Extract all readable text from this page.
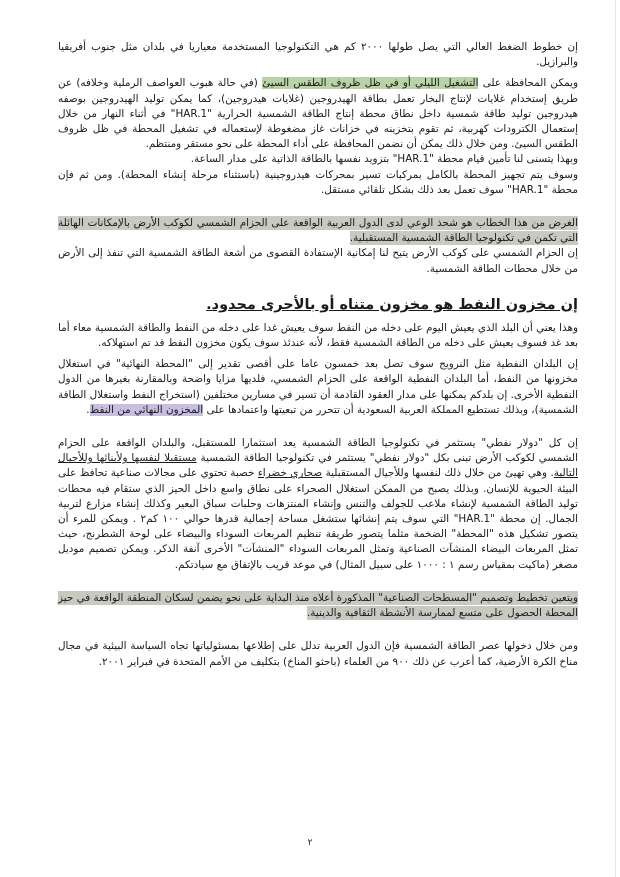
إن خطوط الضغط العالي التي يصل طولها ٢٠٠٠ كم هي التكنولوجيا المستخدمة معياريا في بلدان مثل جنوب أفريقيا والبرازيل.

ويمكن المحافظة على التشغيل الليلي أو في ظل ظروف الطقس السيئ (في حالة هبوب العواصف الرملية وخلافه) عن طريق إستخدام غلايات لإنتاج البخار تعمل بطاقة الهيدروجين (غلايات هيدروجين)، كما يمكن توليد الهيدروجين بوصفه هيدروجين توليد طاقة شمسية داخل نطاق محطة إنتاج الطاقة الشمسية الحرارية "HAR.1" في أثناء النهار من خلال إستعمال الكترودات كهربية، ثم تقوم بتخزينه في خزانات غاز مضغوطة لإستعماله في تشغيل المحطة في ظل ظروف الطقس السيئ. ومن خلال ذلك يمكن أن نضمن المحافظة على أداء المحطة على نحو مستقر ومنتظم.

وبهذا يتسنى لنا تأمين قيام محطة "HAR.1" بتزويد نفسها بالطاقة الذاتية على مدار الساعة.

وسوف يتم تجهيز المحطة بالكامل بمركبات تسير بمحركات هيدروجينية (باستثناء مرحلة إنشاء المحطة). ومن ثم فإن محطة "HAR.1" سوف تعمل بعد ذلك بشكل تلقائي مستقل.

الغرض من هذا الخطاب هو شحذ الوعي لدى الدول العربية الواقعة على الحزام الشمسي لكوكب الأرض بالإمكانات الهائلة التي تكمن في تكنولوجيا الطاقة الشمسية المستقبلية.

إن الحزام الشمسي على كوكب الأرض يتيح لنا إمكانية الإستفادة القصوى من أشعة الطاقة الشمسية التي تنفذ إلى الأرض من خلال محطات الطاقة الشمسية.

إن مخزون النفط هو مخزون متناه أو بالأحرى محدود.

وهذا يعني أن البلد الذي يعيش اليوم على دخله من النفط سوف يعيش غدا على دخله من النفط والطاقة الشمسية معاء أما بعد غد فسوف يعيش على دخله من الطاقة الشمسية فقط، لأنه عندئذ سوف يكون مخزون النفط قد تم استهلاكه.

إن البلدان النفطية مثل النرويج سوف تصل بعد خمسون عاما على أقصى تقدير إلى "المحطة النهائية" في استغلال مخزونها من النفط، أما البلدان النفطية الواقعة على الحزام الشمسي، فلديها مزايا واضحة وبالمقارنة بغيرها من الدول النفطية الأخرى. إن بلدكم يمكنها على مدار العقود القادمة أن تسير في مسارين مختلفين (استخراج النفط واستغلال الطاقة الشمسية)، وبذلك تستطيع المملكة العربية السعودية أن تتحرر من تبعيتها واعتمادها على المخزون النهائي من النفط.

إن كل "دولار نفطي" يستثمر في تكنولوجيا الطاقة الشمسية يعد استثمارا للمستقبل، والبلدان الواقعة على الحزام الشمسي لكوكب الأرض تبنى بكل "دولار نفطي" يستثمر في تكنولوجيا الطاقة الشمسية مستقبلا لنفسها ولأبنائها وللأجيال التالية. وهي تهيئ من خلال ذلك لنفسها وللأجيال المستقبلية صحاري خضراء خصبة تحتوي على مجالات صناعية تحافظ على البيئة الحيوية للإنسان. وبذلك يصبح من الممكن استغلال الصحراء على نطاق واسع داخل الحيز الذي ستقام فيه محطات توليد الطاقة الشمسية لإنشاء ملاعب للجولف والتنس وإنشاء المنتزهات وحلبات سباق البعير وكذلك إنشاء مزارع لتربية الجمال. إن محطة "HAR.1" التي سوف يتم إنشائها ستشغل مساحة إجمالية قدرها حوالي ١٠٠ كم٢ . ويمكن للمرء أن يتصور تشكيل هذه "المحطة" الضخمة مثلما يتصور طريقة تنظيم المربعات السوداء والبيضاء على لوحة الشطرنج، حيث تمثل المربعات البيضاء المنشآت الصناعية وتمثل المربعات السوداء "المنشآت" الأخرى آنفة الذكر. ويمكن تصميم موديل مصغر (ماكيت بمقياس رسم ١ : ١٠٠٠ على سبيل المثال) في موعد قريب بالإتفاق مع سيادتكم.

ويتعين تخطيط وتصميم "المسطحات الصناعية" المذكورة أعلاه منذ البداية على نحو يضمن لسكان المنطقة الواقعة في حيز المحطة الحصول على متسع لممارسة الأنشطة الثقافية والدينية.

ومن خلال دخولها عصر الطاقة الشمسية فإن الدول العربية تدلل على إطلاعها بمسئولياتها تجاه السياسة البيئية في مجال مناخ الكرة الأرضية، كما أعرب عن ذلك ٩٠٠ من العلماء (باحثو المناخ) بتكليف من الأمم المتحدة في فبراير ٢٠٠١.

٢
